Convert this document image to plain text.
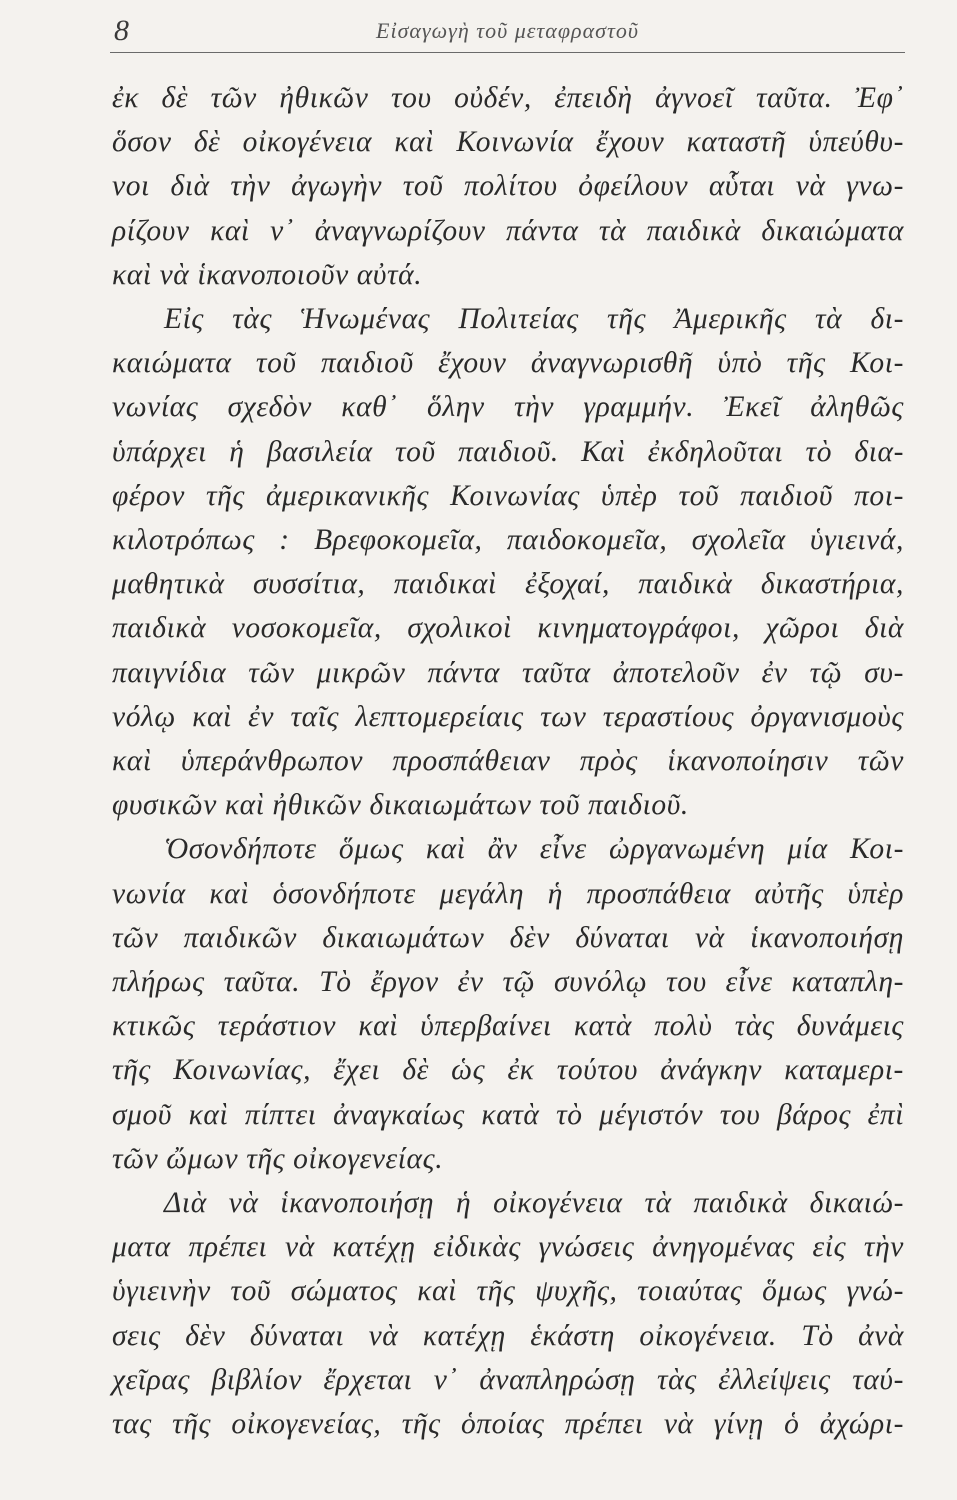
8	Εἰσαγωγὴ τοῦ μεταφραστοῦ
ἐκ δὲ τῶν ἠθικῶν του οὐδέν, ἐπειδὴ ἀγνοεῖ ταῦτα. Ἐφ᾿
ὅσον δὲ οἰκογένεια καὶ Κοινωνία ἔχουν καταστῆ ὑπεύθυ-
νοι διὰ τὴν ἀγωγὴν τοῦ πολίτου ὀφείλουν αὗται νὰ γνω-
ρίζουν καὶ ν᾿ ἀναγνωρίζουν πάντα τὰ παιδικὰ δικαιώματα
καὶ νὰ ἱκανοποιοῦν αὐτά.
Εἰς τὰς Ἡνωμένας Πολιτείας τῆς Ἀμερικῆς τὰ δι-
καιώματα τοῦ παιδιοῦ ἔχουν ἀναγνωρισθῆ ὑπὸ τῆς Κοι-
νωνίας σχεδὸν καθ᾿ ὅλην τὴν γραμμήν. Ἐκεῖ ἀληθῶς
ὑπάρχει ἡ βασιλεία τοῦ παιδιοῦ. Καὶ ἐκδηλοῦται τὸ δια-
φέρον τῆς ἀμερικανικῆς Κοινωνίας ὑπὲρ τοῦ παιδιοῦ ποι-
κιλοτρόπως : Βρεφοκομεῖα, παιδοκομεῖα, σχολεῖα ὑγιεινά,
μαθητικὰ συσσίτια, παιδικαὶ ἐξοχαί, παιδικὰ δικαστήρια,
παιδικὰ νοσοκομεῖα, σχολικοὶ κινηματογράφοι, χῶροι διὰ
παιγνίδια τῶν μικρῶν πάντα ταῦτα ἀποτελοῦν ἐν τῷ συ-
νόλῳ καὶ ἐν ταῖς λεπτομερείαις των τεραστίους ὀργανισμοὺς
καὶ ὑπεράνθρωπον προσπάθειαν πρὸς ἱκανοποίησιν τῶν
φυσικῶν καὶ ἠθικῶν δικαιωμάτων τοῦ παιδιοῦ.
Ὁσονδήποτε ὅμως καὶ ἂν εἶνε ὠργανωμένη μία Κοι-
νωνία καὶ ὁσονδήποτε μεγάλη ἡ προσπάθεια αὐτῆς ὑπὲρ
τῶν παιδικῶν δικαιωμάτων δὲν δύναται νὰ ἱκανοποιήσῃ
πλήρως ταῦτα. Τὸ ἔργον ἐν τῷ συνόλῳ του εἶνε καταπλη-
κτικῶς τεράστιον καὶ ὑπερβαίνει κατὰ πολὺ τὰς δυνάμεις
τῆς Κοινωνίας, ἔχει δὲ ὡς ἐκ τούτου ἀνάγκην καταμερι-
σμοῦ καὶ πίπτει ἀναγκαίως κατὰ τὸ μέγιστόν του βάρος ἐπὶ
τῶν ὤμων τῆς οἰκογενείας.
Διὰ νὰ ἱκανοποιήσῃ ἡ οἰκογένεια τὰ παιδικὰ δικαιώ-
ματα πρέπει νὰ κατέχῃ εἰδικὰς γνώσεις ἀνηγομένας εἰς τὴν
ὑγιεινὴν τοῦ σώματος καὶ τῆς ψυχῆς, τοιαύτας ὅμως γνώ-
σεις δὲν δύναται νὰ κατέχῃ ἑκάστη οἰκογένεια. Τὸ ἀνὰ
χεῖρας βιβλίον ἔρχεται ν᾿ ἀναπληρώσῃ τὰς ἐλλείψεις ταύ-
τας τῆς οἰκογενείας, τῆς ὁποίας πρέπει νὰ γίνῃ ὁ ἀχώρι-
